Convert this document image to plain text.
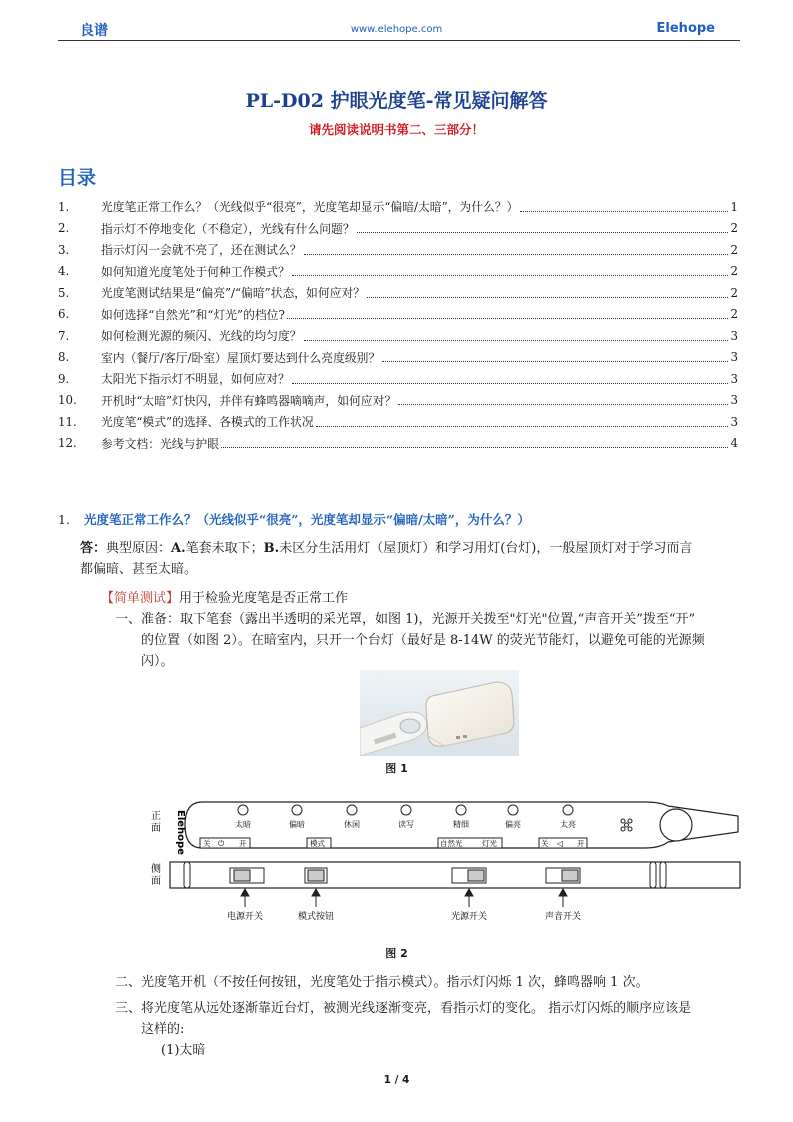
良谱	www.elehope.com	Elehope
PL-D02 护眼光度笔-常见疑问解答
请先阅读说明书第二、三部分！
目录
1.	光度笔正常工作么？（光线似乎“很亮”，光度笔却显示“偏暗/太暗”，为什么？）	1
2.	指示灯不停地变化（不稳定），光线有什么问题？	2
3.	指示灯闪一会就不亮了，还在测试么？	2
4.	如何知道光度笔处于何种工作模式？	2
5.	光度笔测试结果是“偏亮”/“偏暗”状态，如何应对？	2
6.	如何选择“自然光”和“灯光”的档位?	2
7.	如何检测光源的频闪、光线的均匀度？	3
8.	室内（餐厅/客厅/卧室）屋顶灯要达到什么亮度级别？	3
9.	太阳光下指示灯不明显，如何应对？	3
10.	开机时“太暗”灯快闪，并伴有蜂鸣器嘀嘀声，如何应对？	3
11.	光度笔“模式”的选择、各模式的工作状况	3
12.	参考文档：光线与护眼	4
1. 光度笔正常工作么？（光线似乎“很亮”，光度笔却显示“偏暗/太暗”，为什么？）
答：典型原因：A.笔套未取下；B.未区分生活用灯（屋顶灯）和学习用灯(台灯)，一般屋顶灯对于学习而言
都偏暗、甚至太暗。
【简单测试】用于检验光度笔是否正常工作
一、准备：取下笔套（露出半透明的采光罩，如图 1)，光源开关拨至"灯光"位置,“声音开关”拨至“开”
的位置（如图 2）。在暗室内，只开一个台灯（最好是 8-14W 的荧光节能灯，以避免可能的光源频
闪）。
图 1
正面
侧面
Elehope	太暗	偏暗	休闲	读写	精细	偏亮	太亮
关 ⏻ 开	模式	自然光	灯光	关 ◁ 开
电源开关	模式按钮	光源开关	声音开关
图 2
二、光度笔开机（不按任何按钮，光度笔处于指示模式）。指示灯闪烁 1 次，蜂鸣器响 1 次。
三、将光度笔从远处逐渐靠近台灯，被测光线逐渐变亮，看指示灯的变化。 指示灯闪烁的顺序应该是
这样的:
(1)太暗
1 / 4
